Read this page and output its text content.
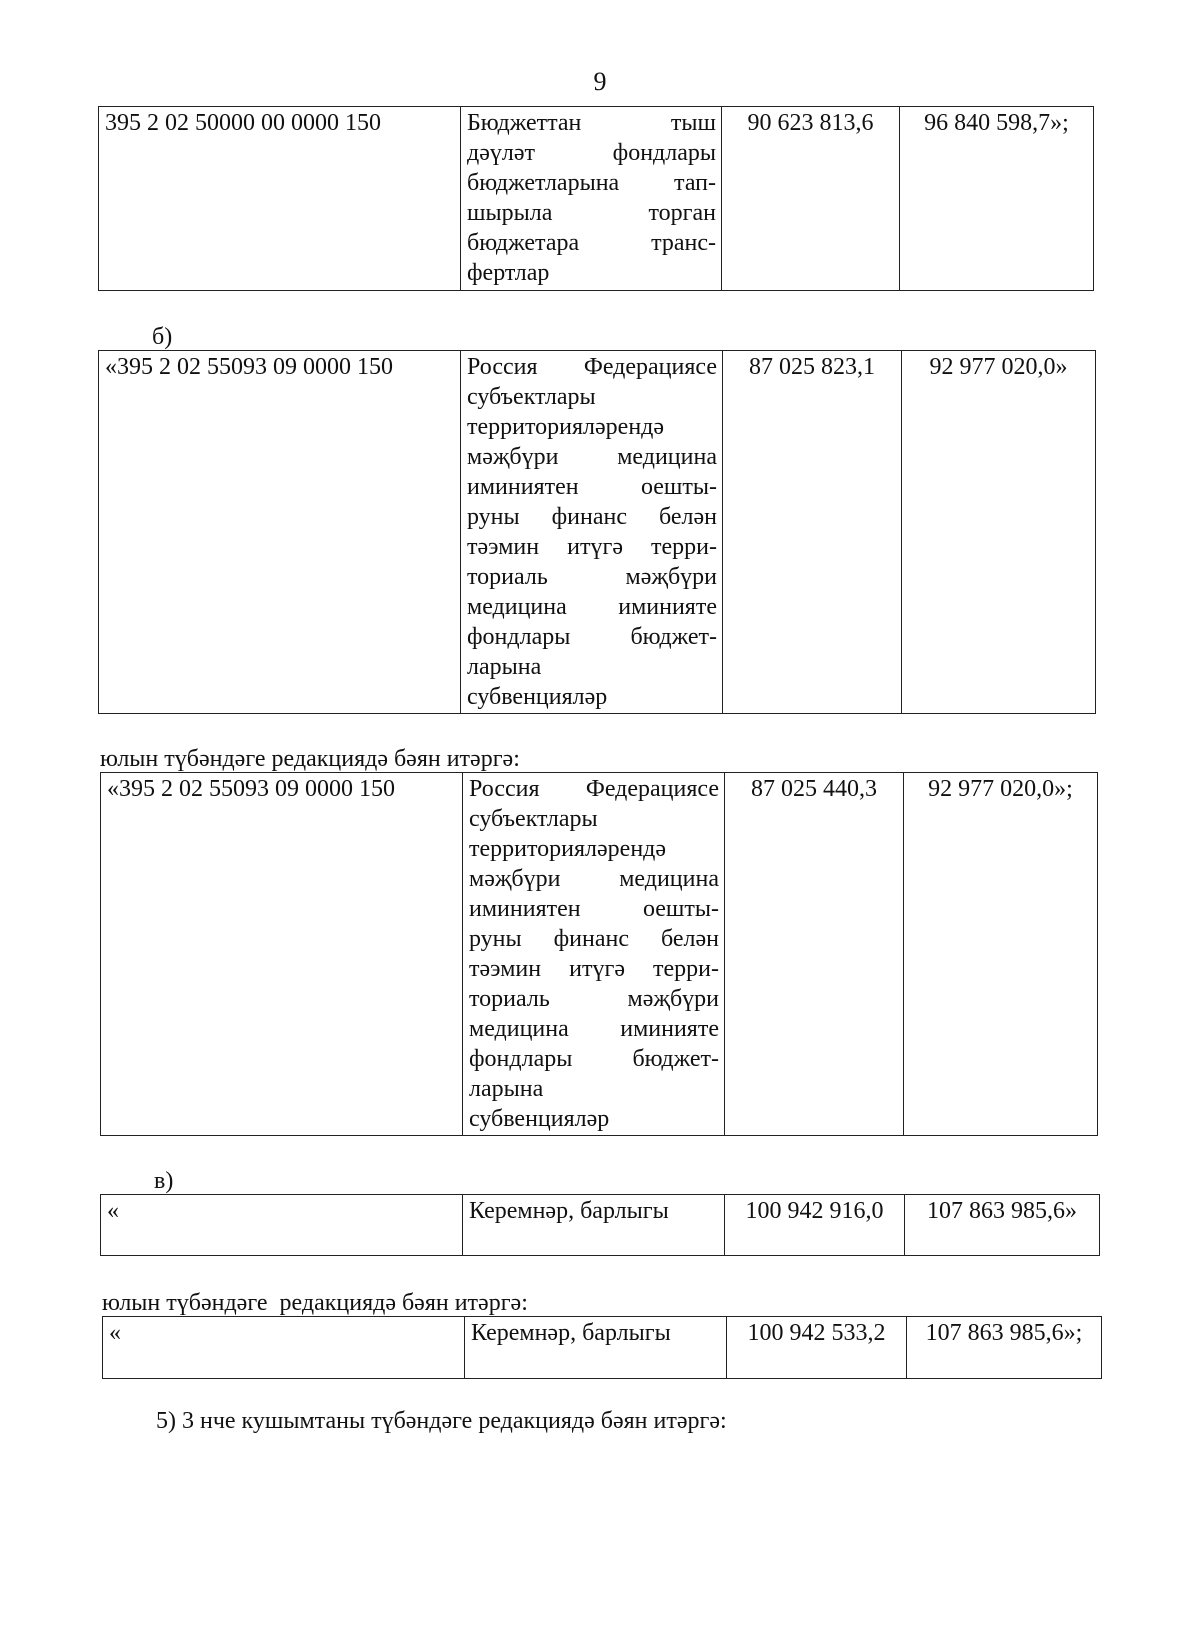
9
395 2 02 50000 00 0000 150	Бюджеттан тыш
дәүләт фондлары
бюджетларына тап-
шырыла торган
бюджетара транс-
фертлар
	90 623 813,6	96 840 598,7»;
б)
«395 2 02 55093 09 0000 150	Россия Федерациясе
субъектлары
территорияләрендә
мәҗбүри медицина
иминиятен оешты-
руны финанс белән
тәэмин итүгә терри-
ториаль мәҗбүри
медицина иминияте
фондлары бюджет-
ларына
субвенцияләр
	87 025 823,1	92 977 020,0»
юлын түбәндәге редакциядә бәян итәргә:
«395 2 02 55093 09 0000 150	Россия Федерациясе
субъектлары
территорияләрендә
мәҗбүри медицина
иминиятен оешты-
руны финанс белән
тәэмин итүгә терри-
ториаль мәҗбүри
медицина иминияте
фондлары бюджет-
ларына
субвенцияләр
	87 025 440,3	92 977 020,0»;
в)
«	Керемнәр, барлыгы	100 942 916,0	107 863 985,6»
юлын түбәндәге  редакциядә бәян итәргә:
«	Керемнәр, барлыгы	100 942 533,2	107 863 985,6»;
5) 3 нче кушымтаны түбәндәге редакциядә бәян итәргә:
